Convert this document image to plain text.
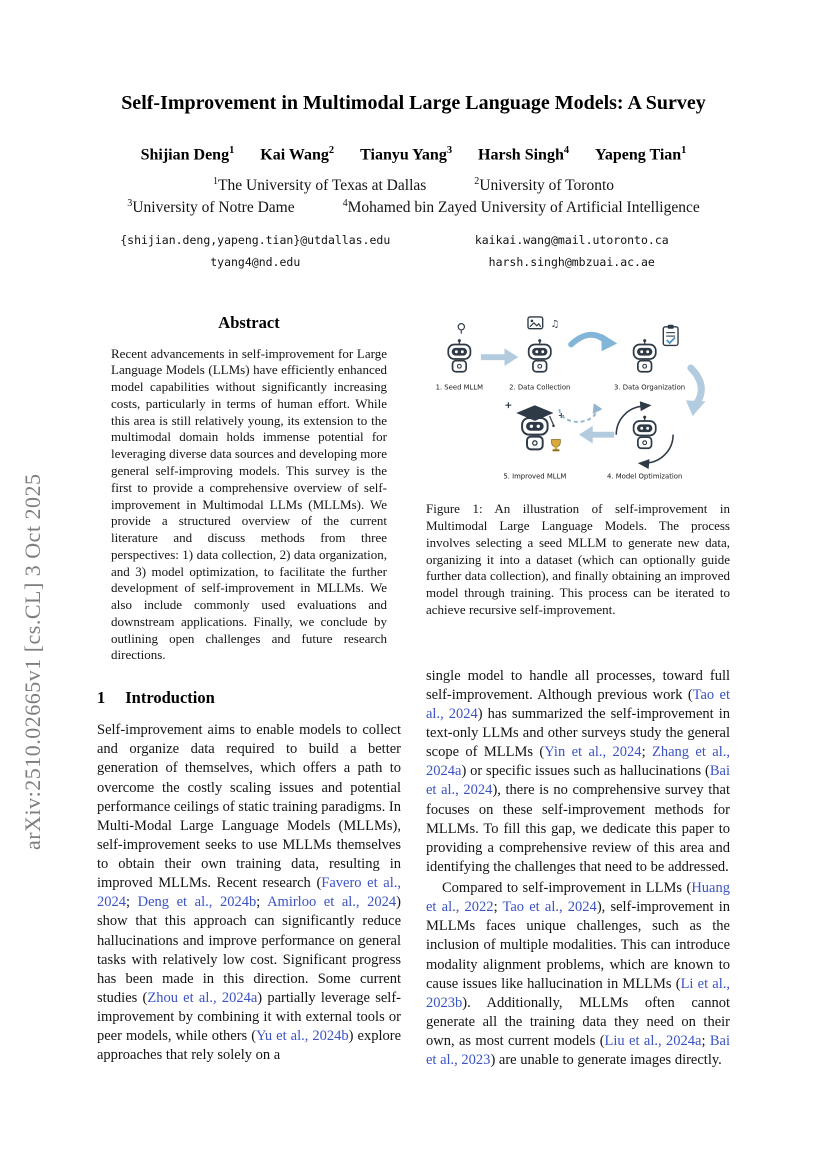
arXiv:2510.02665v1 [cs.CL] 3 Oct 2025
Self-Improvement in Multimodal Large Language Models: A Survey
Shijian Deng$^1$ Kai Wang$^2$ Tianyu Yang$^3$ Harsh Singh$^4$ Yapeng Tian$^1$
$^1$The University of Texas at Dallas	$^2$University of Toronto
$^3$University of Notre Dame	$^4$Mohamed bin Zayed University of Artificial Intelligence
{shijian.deng,yapeng.tian}@utdallas.edu	kaikai.wang@mail.utoronto.ca
tyang4@nd.edu	harsh.singh@mbzuai.ac.ae
Abstract
Recent advancements in self-improvement for Large Language Models (LLMs) have efficiently enhanced model capabilities without significantly increasing costs, particularly in terms of human effort. While this area is still relatively young, its extension to the multimodal domain holds immense potential for leveraging diverse data sources and developing more general self-improving models. This survey is the first to provide a comprehensive overview of self-improvement in Multimodal LLMs (MLLMs). We provide a structured overview of the current literature and discuss methods from three perspectives: 1) data collection, 2) data organization, and 3) model optimization, to facilitate the further development of self-improvement in MLLMs. We also include commonly used evaluations and downstream applications. Finally, we conclude by outlining open challenges and future research directions.
1 Introduction

Self-improvement aims to enable models to collect and organize data required to build a better generation of themselves, which offers a path to overcome the costly scaling issues and potential performance ceilings of static training paradigms. In Multi-Modal Large Language Models (MLLMs), self-improvement seeks to use MLLMs themselves to obtain their own training data, resulting in improved MLLMs. Recent research (Favero et al., 2024; Deng et al., 2024b; Amirloo et al., 2024) show that this approach can significantly reduce hallucinations and improve performance on general tasks with relatively low cost. Significant progress has been made in this direction. Some current studies (Zhou et al., 2024a) partially leverage self-improvement by combining it with external tools or peer models, while others (Yu et al., 2024b) explore approaches that rely solely on a

1. Seed MLLM
♫
2. Data Collection	3. Data Organization
4. Model Optimization
5. Improved MLLM
Figure 1: An illustration of self-improvement in Multimodal Large Language Models. The process involves selecting a seed MLLM to generate new data, organizing it into a dataset (which can optionally guide further data collection), and finally obtaining an improved model through training. This process can be iterated to achieve recursive self-improvement.

single model to handle all processes, toward full self-improvement. Although previous work (Tao et al., 2024) has summarized the self-improvement in text-only LLMs and other surveys study the general scope of MLLMs (Yin et al., 2024; Zhang et al., 2024a) or specific issues such as hallucinations (Bai et al., 2024), there is no comprehensive survey that focuses on these self-improvement methods for MLLMs. To fill this gap, we dedicate this paper to providing a comprehensive review of this area and identifying the challenges that need to be addressed.

Compared to self-improvement in LLMs (Huang et al., 2022; Tao et al., 2024), self-improvement in MLLMs faces unique challenges, such as the inclusion of multiple modalities. This can introduce modality alignment problems, which are known to cause issues like hallucination in MLLMs (Li et al., 2023b). Additionally, MLLMs often cannot generate all the training data they need on their own, as most current models (Liu et al., 2024a; Bai et al., 2023) are unable to generate images directly.
